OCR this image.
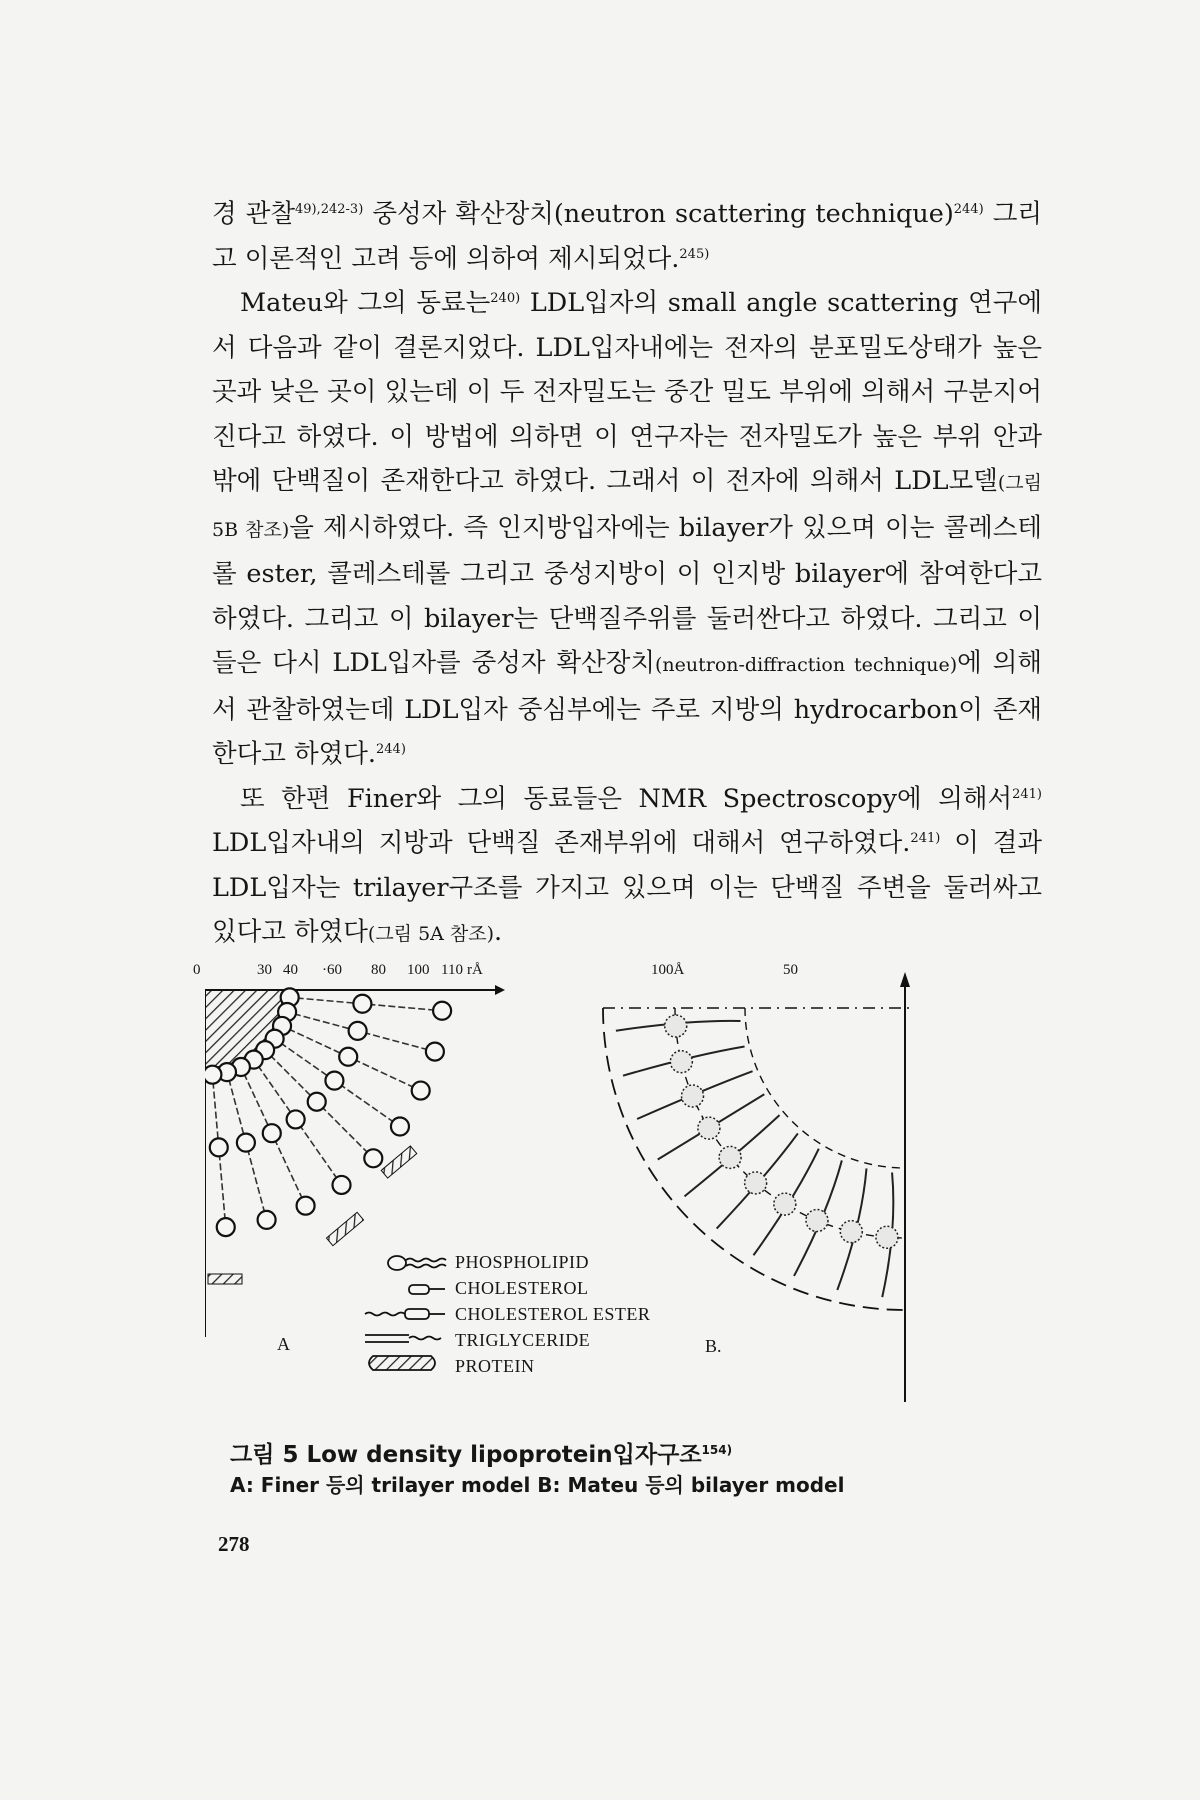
경 관찰$^{49),242-3)}$ 중성자 확산장치(neutron scattering technique)$^{244)}$ 그리고 이론적인 고려 등에 의하여 제시되었다.$^{245)}$

Mateu와 그의 동료는$^{240)}$ LDL입자의 small angle scattering 연구에서 다음과 같이 결론지었다. LDL입자내에는 전자의 분포밀도상태가 높은 곳과 낮은 곳이 있는데 이 두 전자밀도는 중간 밀도 부위에 의해서 구분지어진다고 하였다. 이 방법에 의하면 이 연구자는 전자밀도가 높은 부위 안과 밖에 단백질이 존재한다고 하였다. 그래서 이 전자에 의해서 LDL모델(그림 5B 참조)을 제시하였다. 즉 인지방입자에는 bilayer가 있으며 이는 콜레스테롤 ester, 콜레스테롤 그리고 중성지방이 이 인지방 bilayer에 참여한다고 하였다. 그리고 이 bilayer는 단백질주위를 둘러싼다고 하였다. 그리고 이들은 다시 LDL입자를 중성자 확산장치(neutron-diffraction technique)에 의해서 관찰하였는데 LDL입자 중심부에는 주로 지방의 hydrocarbon이 존재한다고 하였다.$^{244)}$

또 한편 Finer와 그의 동료들은 NMR Spectroscopy에 의해서$^{241)}$ LDL입자내의 지방과 단백질 존재부위에 대해서 연구하였다.$^{241)}$ 이 결과 LDL입자는 trilayer구조를 가지고 있으며 이는 단백질 주변을 둘러싸고 있다고 하였다(그림 5A 참조).

0	30 40 ·60 80 100 110 rÅ	100Å	50
PHOSPHOLIPID
CHOLESTEROL
CHOLESTEROL ESTER
TRIGLYCERIDE
PROTEIN
A	B.
그림 5 Low density lipoprotein입자구조$^{154)}$
A: Finer 등의 trilayer model B: Mateu 등의 bilayer model
278
